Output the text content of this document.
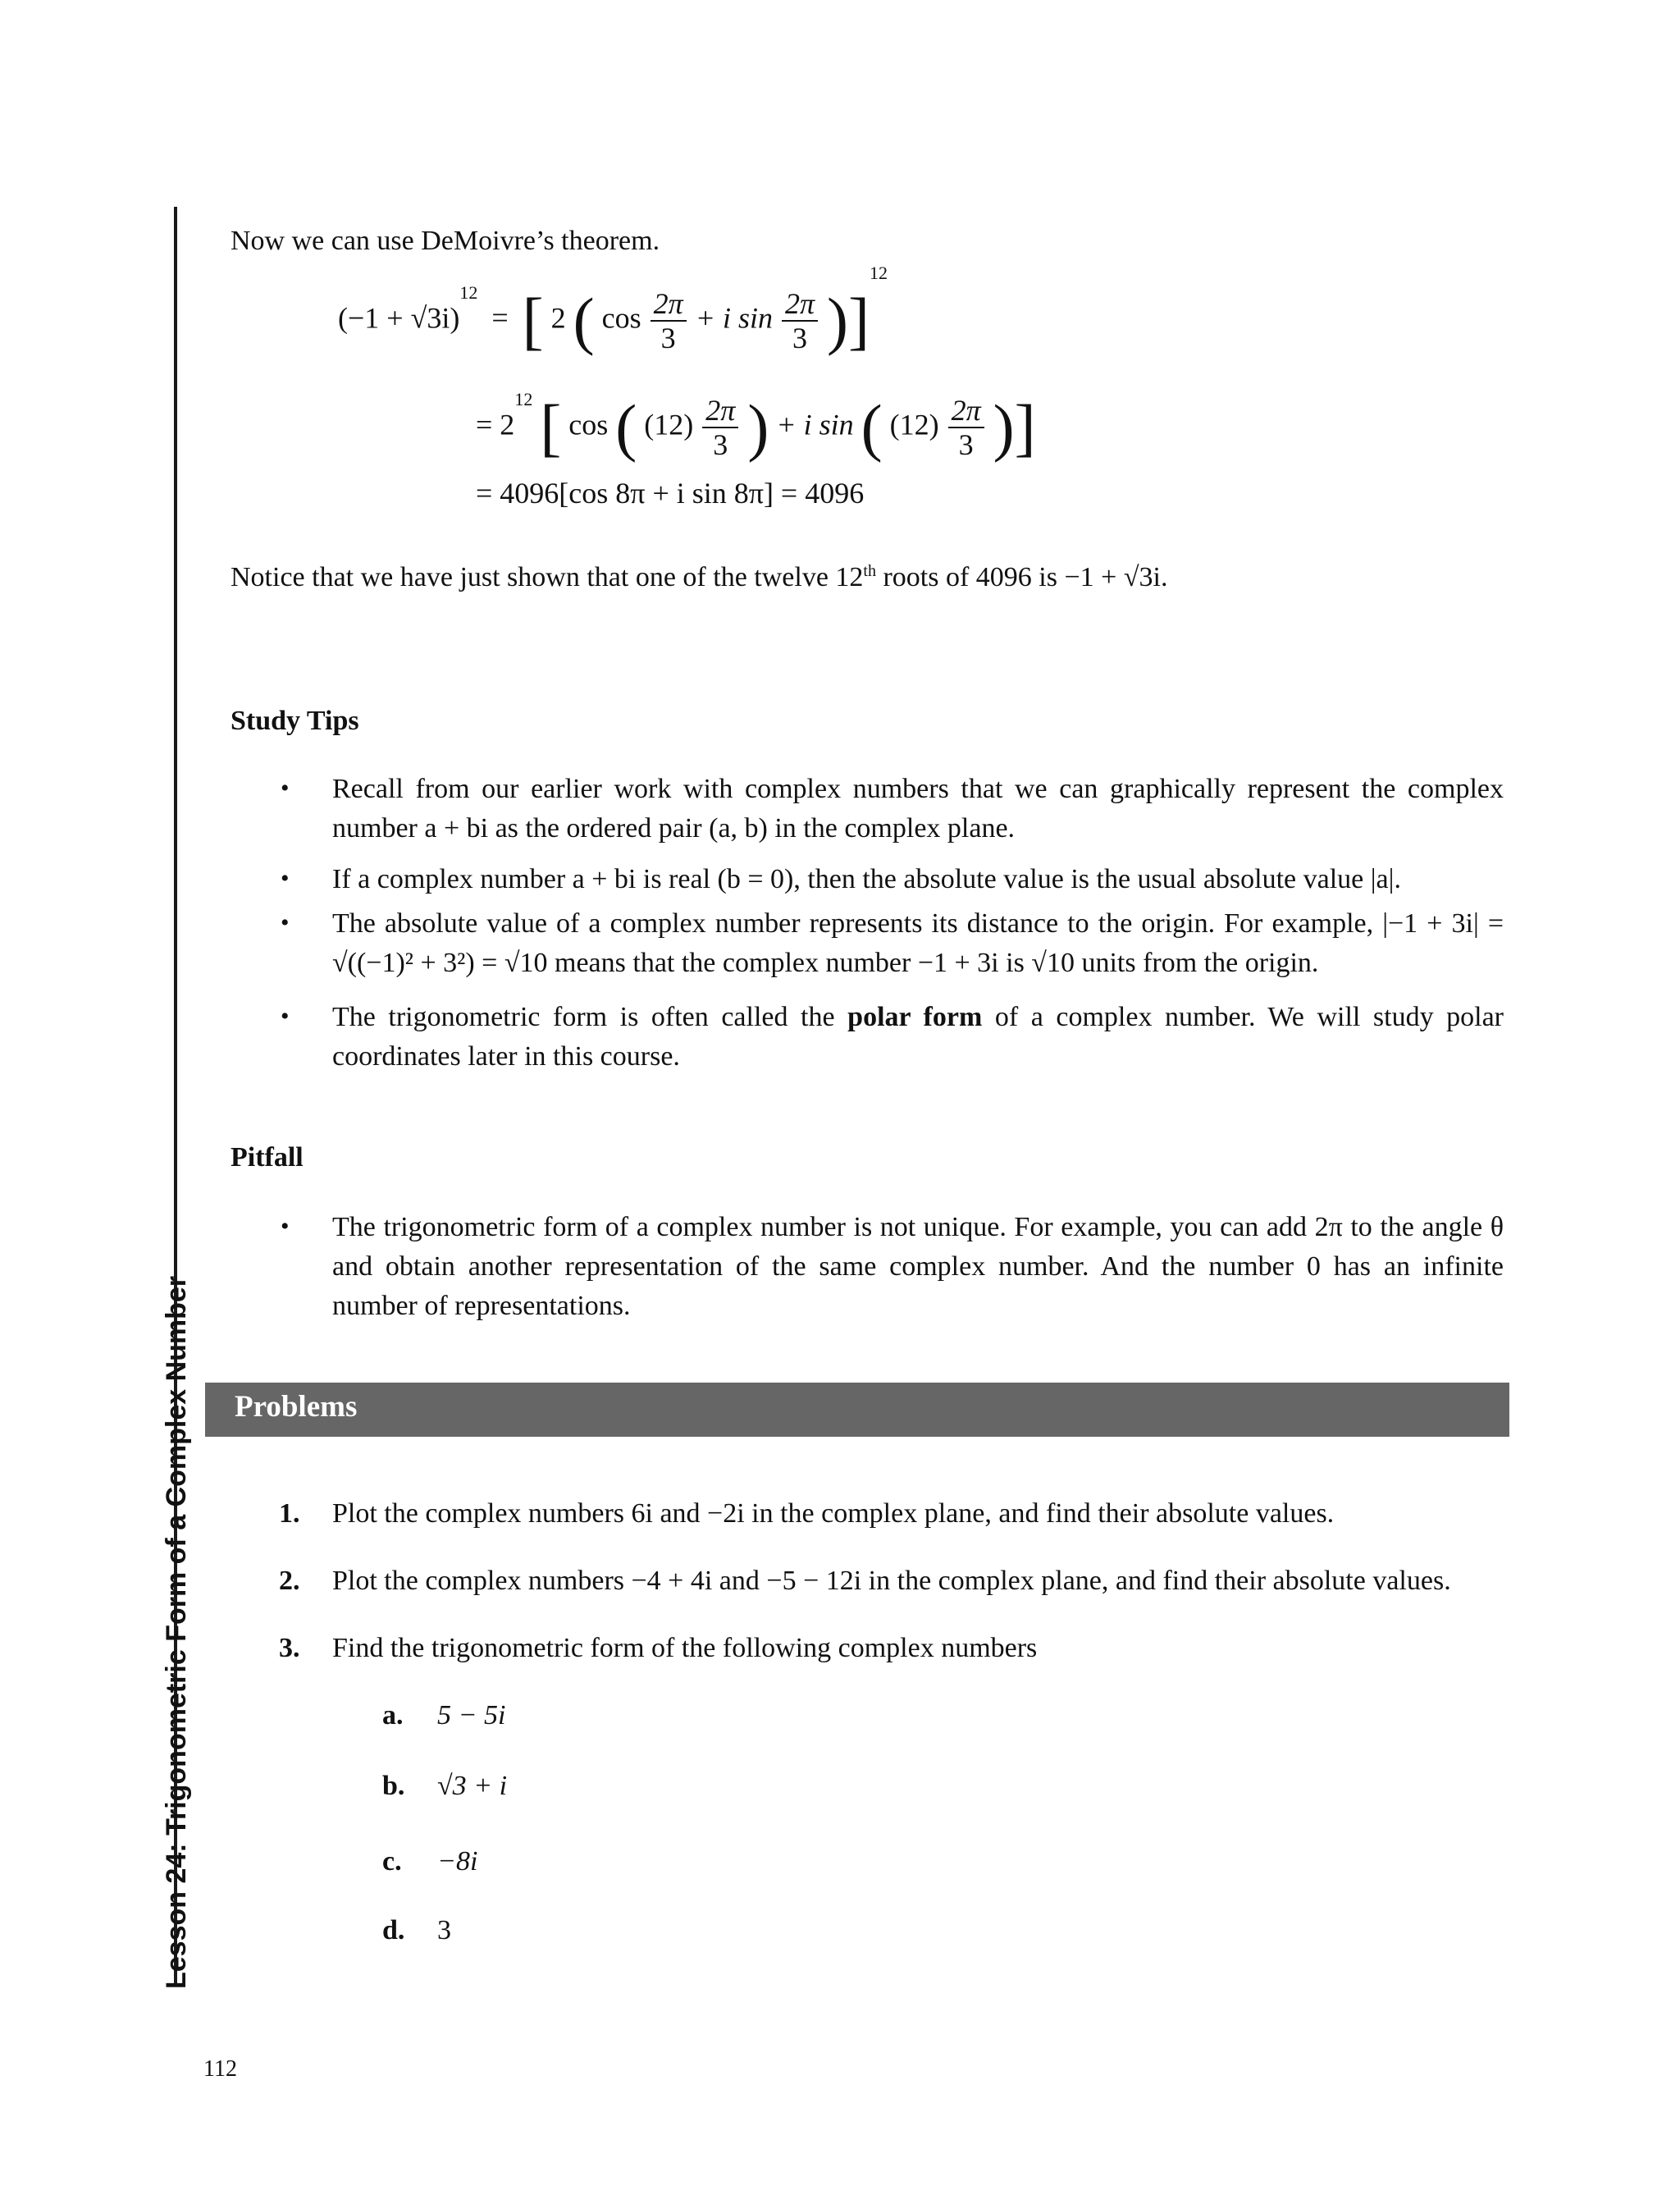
Lesson 24: Trigonometric Form of a Complex Number
Now we can use DeMoivre’s theorem.
$(-1 + √3i)^{12}$ = [ 2 ( $\cos \frac{2\pi}{3} + i$ $\sin \frac{2\pi}{3} )]^{12}$
= $2^{12}$ [ cos ( $(12) \frac{2\pi}{3}$ ) + i sin ( $(12) \frac{2\pi}{3}$ )]
= 4096[cos 8π + i sin 8π] = 4096
Notice that we have just shown that one of the twelve 12th roots of 4096 is −1 + √3i.
Study Tips
• Recall from our earlier work with complex numbers that we can graphically represent the complex number a + bi as the ordered pair (a, b) in the complex plane.
• If a complex number a + bi is real (b = 0), then the absolute value is the usual absolute value |a|.
• The absolute value of a complex number represents its distance to the origin. For example, |−1 + 3i| = √((−1)² + 3²) = √10 means that the complex number −1 + 3i is √10 units from the origin.
• The trigonometric form is often called the polar form of a complex number. We will study polar coordinates later in this course.
Pitfall
• The trigonometric form of a complex number is not unique. For example, you can add 2π to the angle θ and obtain another representation of the same complex number. And the number 0 has an infinite number of representations.
Problems
1. Plot the complex numbers 6i and −2i in the complex plane, and find their absolute values.
2. Plot the complex numbers −4 + 4i and −5 − 12i in the complex plane, and find their absolute values.
3. Find the trigonometric form of the following complex numbers
a. 5 − 5i
b. √3 + i
c. −8i
d. 3
112
